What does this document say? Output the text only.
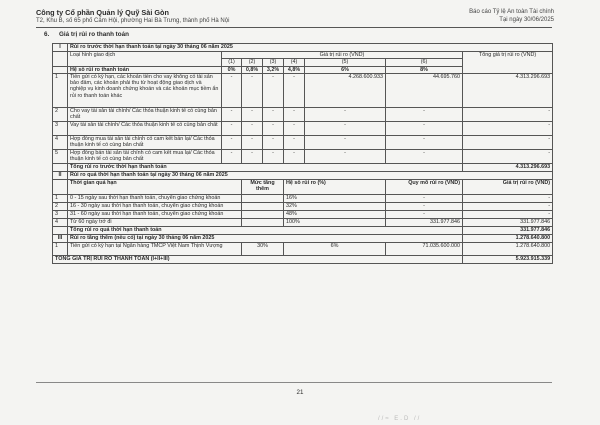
Công ty Cổ phần Quản lý Quỹ Sài Gòn
T2, Khu B, số 65 phố Cảm Hội, phường Hai Bà Trưng, thành phố Hà Nội
Báo cáo Tỷ lệ An toàn Tài chính
Tại ngày 30/06/2025
6. Giá trị rủi ro thanh toán
I	Rủi ro trước thời hạn thanh toán tại ngày 30 tháng 06 năm 2025							
	Loại hình giao dịch	Giá trị rủi ro (VND)						Tổng giá trị rủi ro (VND)
		(1)	(2)	(3)	(4)	(5)	(6)	
	Hệ số rủi ro thanh toán	0%	0,8%	3,2%	4,8%	6%	8%	
1	Tiền gửi có kỳ hạn, các khoản tiền cho vay không có tài sản bảo đảm, các khoản phải thu từ hoạt động giao dịch và nghiệp vụ kinh doanh chứng khoán và các khoản mục tiềm ẩn rủi ro thanh toán khác	-	-	-	-	4.268.600.933	44.695.760	4.313.296.693
2	Cho vay tài sản tài chính/ Các thỏa thuận kinh tế có cùng bản chất	-	-	-	-	-	-	-
3	Vay tài sản tài chính/ Các thỏa thuận kinh tế có cùng bản chất	-	-	-	-	-	-	-
4	Hợp đồng mua tài sản tài chính có cam kết bán lại/ Các thỏa thuận kinh tế có cùng bản chất	-	-	-	-	-	-	-
5	Hợp đồng bán tài sản tài chính có cam kết mua lại/ Các thỏa thuận kinh tế có cùng bản chất	-	-	-	-	-	-	-
	Tổng rủi ro trước thời hạn thanh toán							4.313.296.693
II	Rủi ro quá thời hạn thanh toán tại ngày 30 tháng 06 năm 2025							
	Thời gian quá hạn		Mức tăng thêm		Hệ số rủi ro (%)		Quy mô rủi ro (VND)	Giá trị rủi ro (VND)
1	0 - 15 ngày sau thời hạn thanh toán, chuyển giao chứng khoán				16%		-	-
2	16 - 30 ngày sau thời hạn thanh toán, chuyển giao chứng khoán				32%		-	-
3	31 - 60 ngày sau thời hạn thanh toán, chuyển giao chứng khoán				48%		-	-
4	Từ 60 ngày trở đi				100%		331.977.846	331.977.846
	Tổng rủi ro quá thời hạn thanh toán							331.977.846
III	Rủi ro tăng thêm (nếu có) tại ngày 30 tháng 06 năm 2025							1.278.640.800
1	Tiền gửi có kỳ hạn tại Ngân hàng TMCP Việt Nam Thịnh Vượng		30%		6%		71.035.600.000	1.278.640.800
TỔNG GIÁ TRỊ RỦI RO THANH TOÁN (I+II+III)								5.923.915.339
21
//≈ E.D //
